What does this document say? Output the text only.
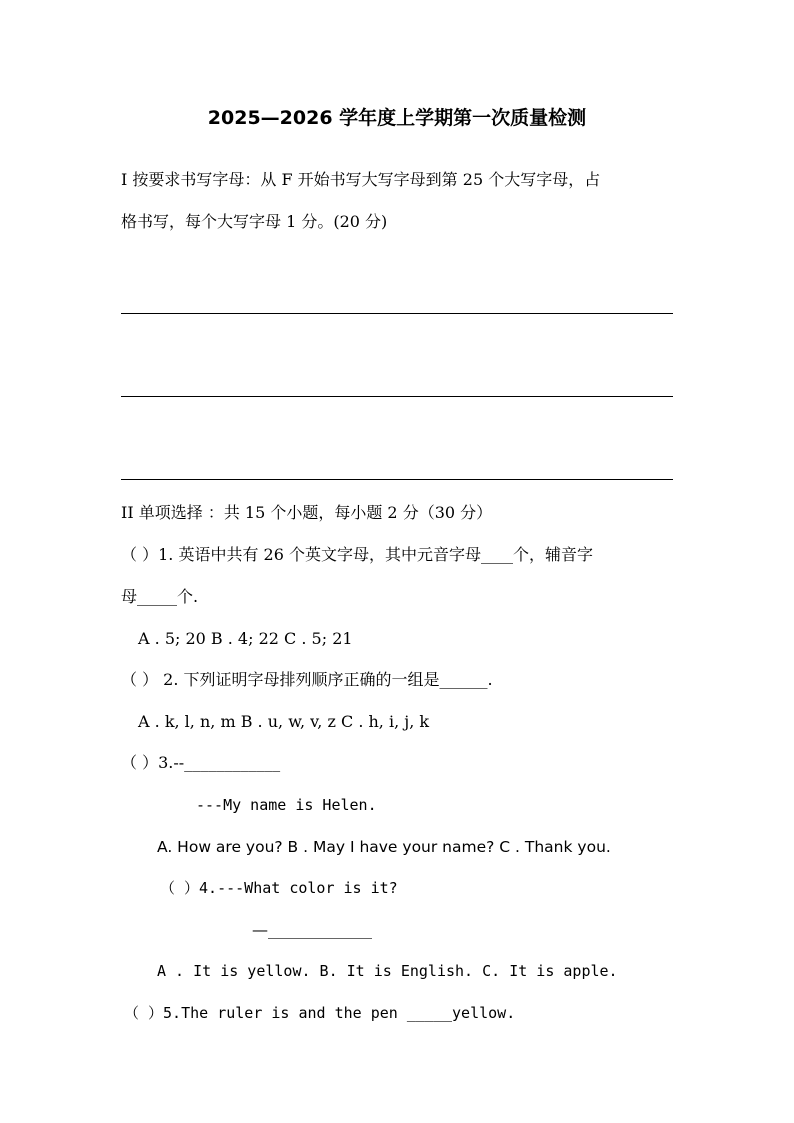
2025—2026 学年度上学期第一次质量检测
I 按要求书写字母：从 F 开始书写大写字母到第 25 个大写字母，占
格书写，每个大写字母 1 分。(20 分)
II 单项选择 ：共 15 个小题，每小题 2 分（30 分）
（ ）1. 英语中共有 26 个英文字母，其中元音字母____个，辅音字
母_____个.
A . 5; 20 B . 4; 22 C . 5; 21
（ ） 2. 下列证明字母排列顺序正确的一组是______.
A . k, l, n, m B . u, w, v, z C . h, i, j, k
（ ）3.--____________
---My name is Helen.
A. How are you? B . May I have your name? C . Thank you.
（ ）4.---What color is it?
—_____________
A . It is yellow. B. It is English. C. It is apple.
（ ）5.The ruler is and the pen _____yellow.
